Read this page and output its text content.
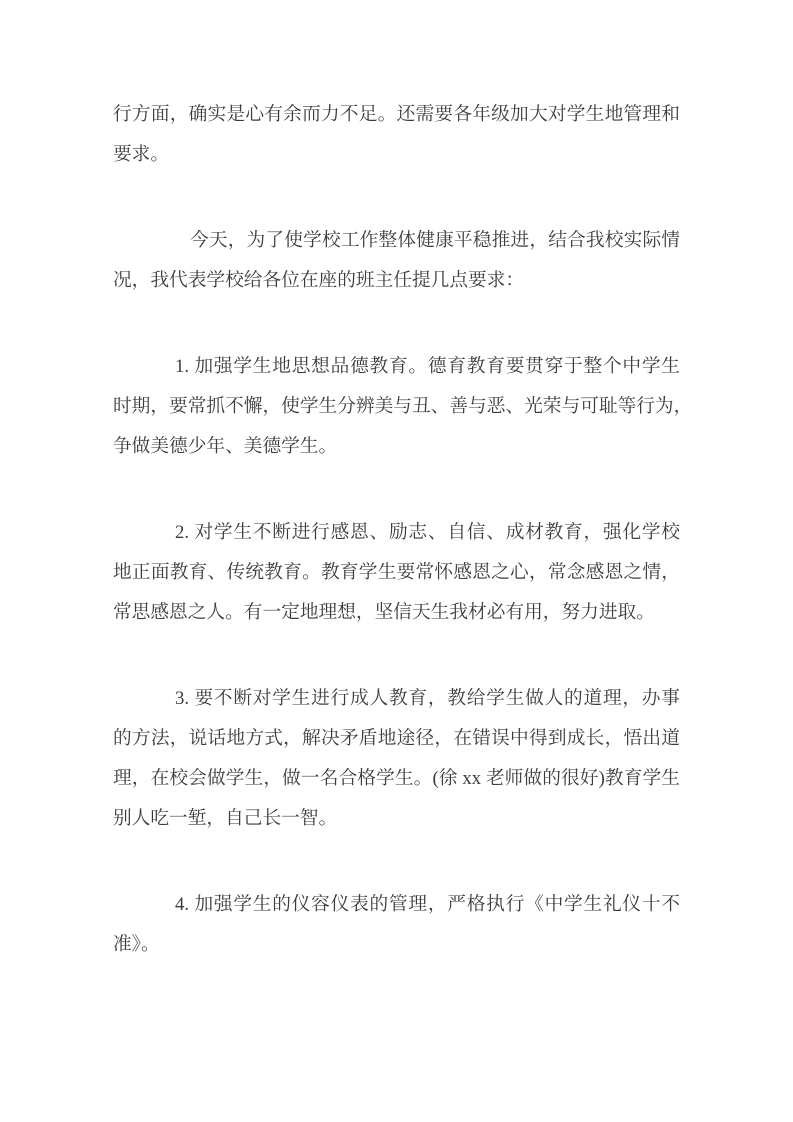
行方面，确实是心有余而力不足。还需要各年级加大对学生地管理和
要求。
今天，为了使学校工作整体健康平稳推进，结合我校实际情
况，我代表学校给各位在座的班主任提几点要求：
1. 加强学生地思想品德教育。德育教育要贯穿于整个中学生
时期，要常抓不懈，使学生分辨美与丑、善与恶、光荣与可耻等行为，
争做美德少年、美德学生。
2. 对学生不断进行感恩、励志、自信、成材教育，强化学校
地正面教育、传统教育。教育学生要常怀感恩之心，常念感恩之情，
常思感恩之人。有一定地理想，坚信天生我材必有用，努力进取。
3. 要不断对学生进行成人教育，教给学生做人的道理，办事
的方法，说话地方式，解决矛盾地途径，在错误中得到成长，悟出道
理，在校会做学生，做一名合格学生。(徐 xx 老师做的很好)教育学生
别人吃一堑，自己长一智。
4. 加强学生的仪容仪表的管理，严格执行《中学生礼仪十不
准》。
